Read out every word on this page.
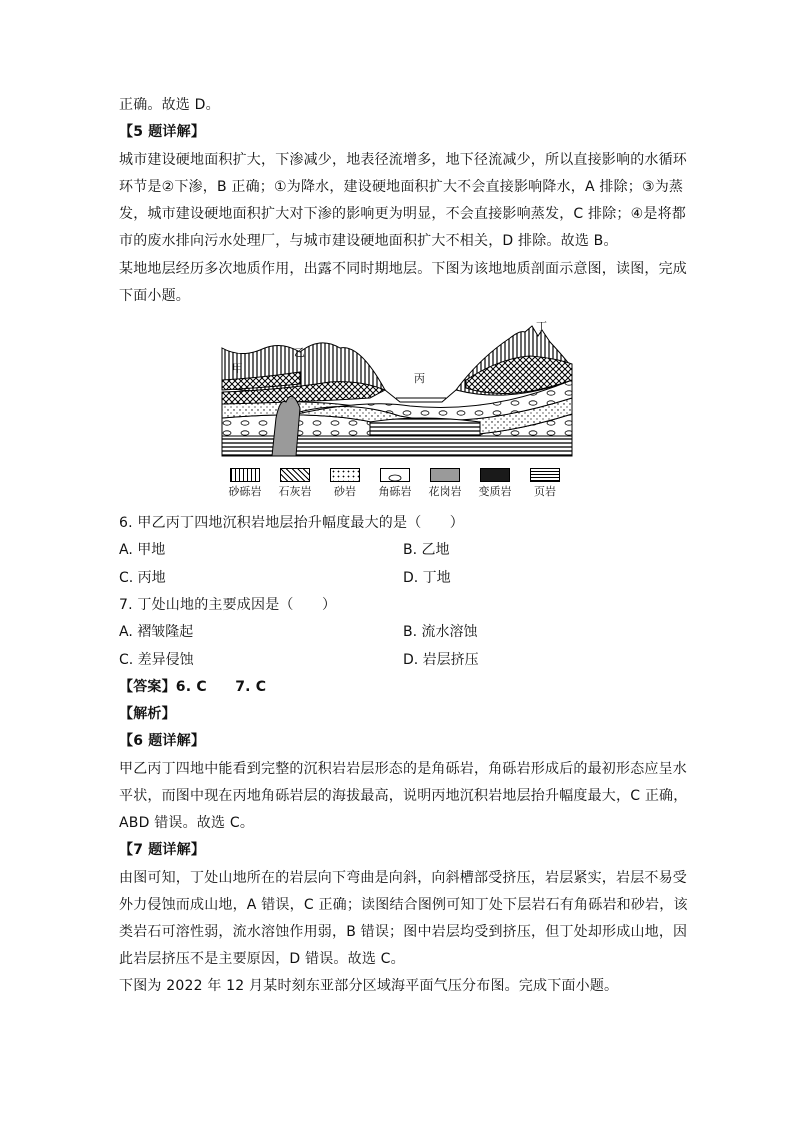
正确。故选 D。
【5 题详解】
城市建设硬地面积扩大，下渗减少，地表径流增多，地下径流减少，所以直接影响的水循环
环节是②下渗，B 正确；①为降水，建设硬地面积扩大不会直接影响降水，A 排除；③为蒸
发，城市建设硬地面积扩大对下渗的影响更为明显，不会直接影响蒸发，C 排除；④是将都
市的废水排向污水处理厂，与城市建设硬地面积扩大不相关，D 排除。故选 B。
某地地层经历多次地质作用，出露不同时期地层。下图为该地地质剖面示意图，读图，完成
下面小题。
甲
乙
丙
丁
砂砾岩	石灰岩	砂岩	角砾岩	花岗岩	变质岩	页岩
6. 甲乙丙丁四地沉积岩地层抬升幅度最大的是（　　）
A. 甲地	B. 乙地
C. 丙地	D. 丁地
7. 丁处山地的主要成因是（　　）
A. 褶皱隆起	B. 流水溶蚀
C. 差异侵蚀	D. 岩层挤压
【答案】6. C　　7. C
【解析】
【6 题详解】
甲乙丙丁四地中能看到完整的沉积岩岩层形态的是角砾岩，角砾岩形成后的最初形态应呈水
平状，而图中现在丙地角砾岩层的海拔最高，说明丙地沉积岩地层抬升幅度最大，C 正确，
ABD 错误。故选 C。
【7 题详解】
由图可知，丁处山地所在的岩层向下弯曲是向斜，向斜槽部受挤压，岩层紧实，岩层不易受
外力侵蚀而成山地，A 错误，C 正确；读图结合图例可知丁处下层岩石有角砾岩和砂岩，该
类岩石可溶性弱，流水溶蚀作用弱，B 错误；图中岩层均受到挤压，但丁处却形成山地，因
此岩层挤压不是主要原因，D 错误。故选 C。
下图为 2022 年 12 月某时刻东亚部分区域海平面气压分布图。完成下面小题。
